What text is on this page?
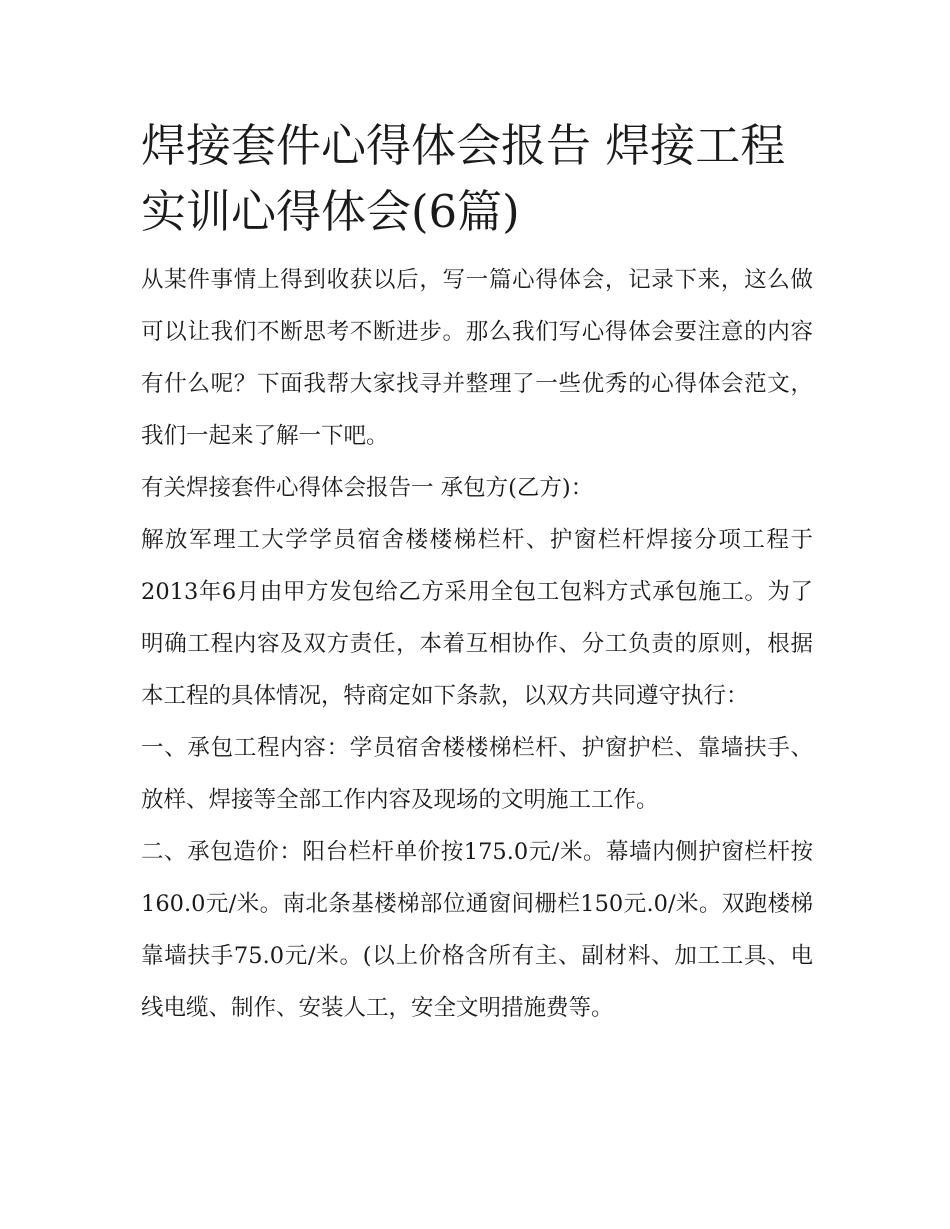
焊接套件心得体会报告 焊接工程实训心得体会(6篇)

从某件事情上得到收获以后，写一篇心得体会，记录下来，这么做可以让我们不断思考不断进步。那么我们写心得体会要注意的内容有什么呢？下面我帮大家找寻并整理了一些优秀的心得体会范文，我们一起来了解一下吧。

有关焊接套件心得体会报告一 承包方(乙方)：

解放军理工大学学员宿舍楼楼梯栏杆、护窗栏杆焊接分项工程于2013年6月由甲方发包给乙方采用全包工包料方式承包施工。为了明确工程内容及双方责任，本着互相协作、分工负责的原则，根据本工程的具体情况，特商定如下条款，以双方共同遵守执行：

一、承包工程内容：学员宿舍楼楼梯栏杆、护窗护栏、靠墙扶手、放样、焊接等全部工作内容及现场的文明施工工作。

二、承包造价：阳台栏杆单价按175.0元/米。幕墙内侧护窗栏杆按160.0元/米。南北条基楼梯部位通窗间栅栏150元.0/米。双跑楼梯靠墙扶手75.0元/米。(以上价格含所有主、副材料、加工工具、电线电缆、制作、安装人工，安全文明措施费等。
